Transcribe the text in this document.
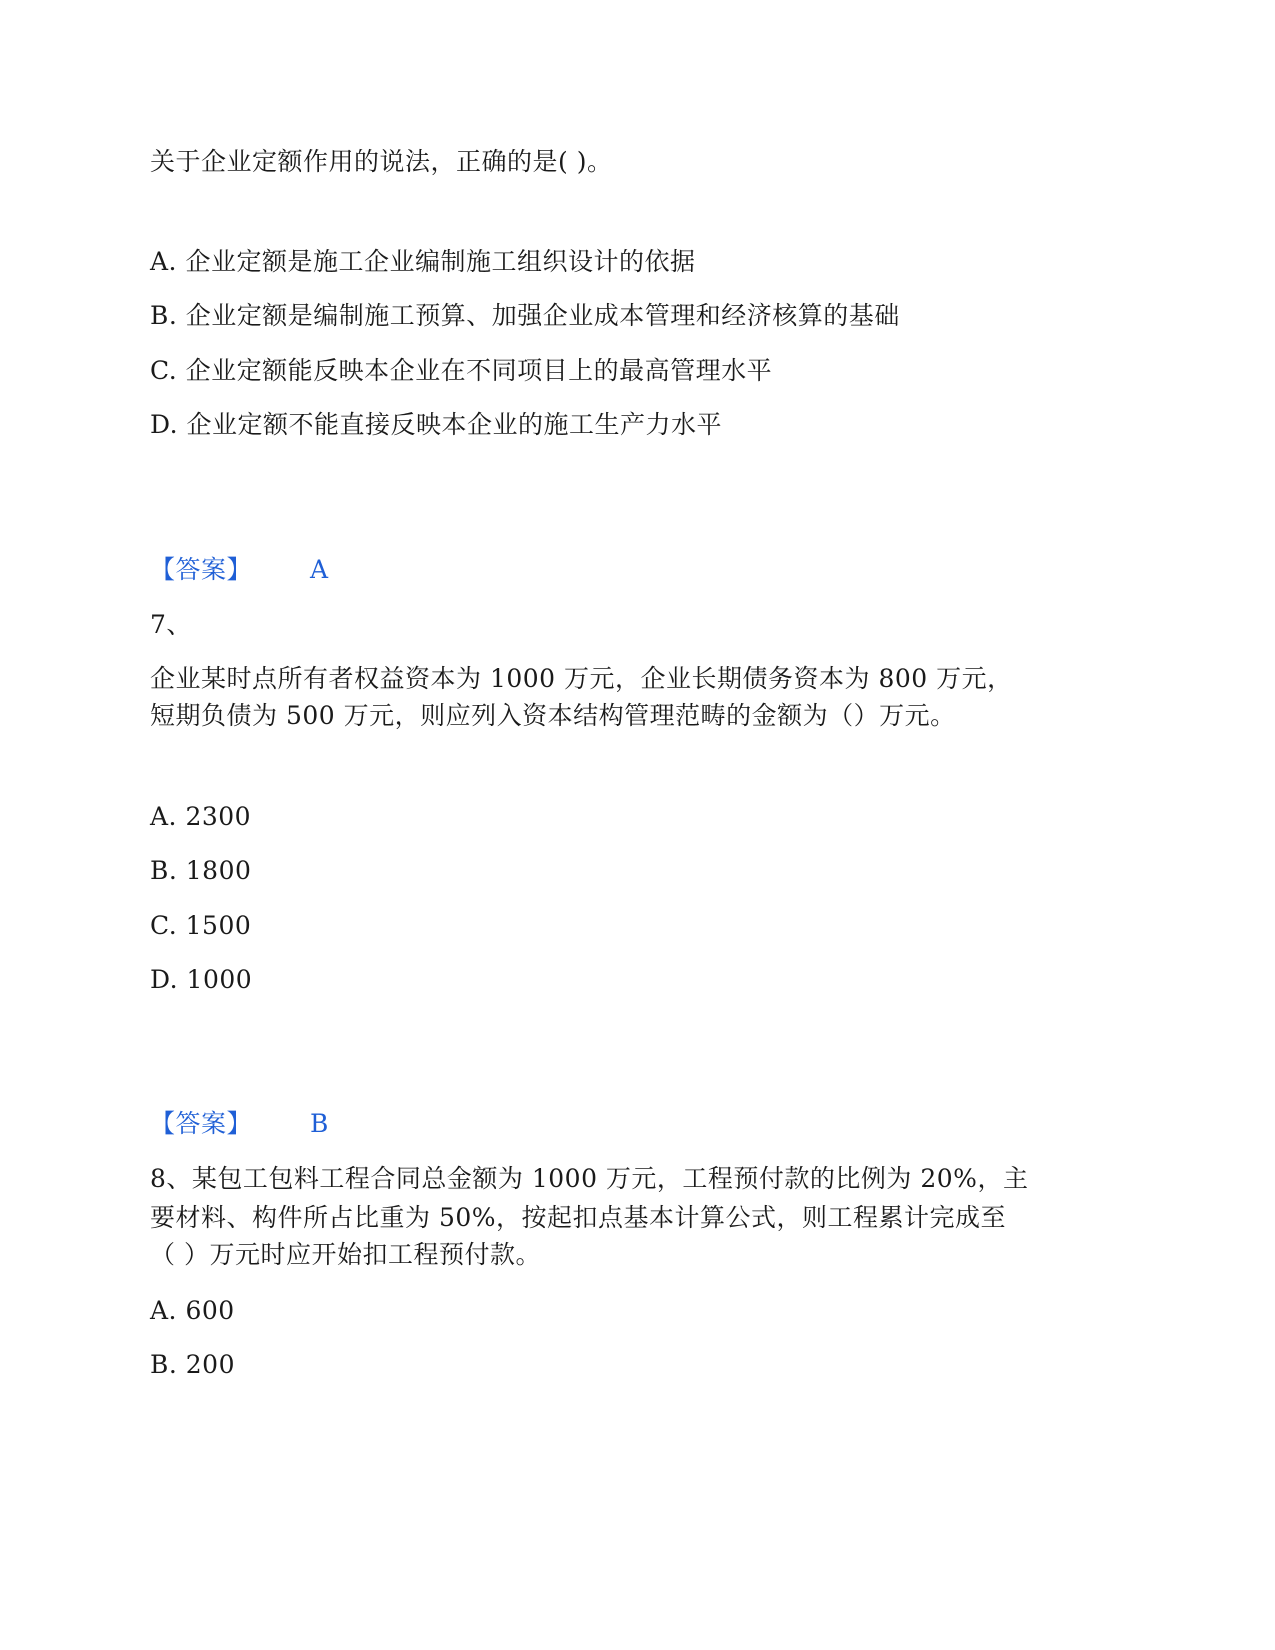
关于企业定额作用的说法，正确的是( )。
A. 企业定额是施工企业编制施工组织设计的依据
B. 企业定额是编制施工预算、加强企业成本管理和经济核算的基础
C. 企业定额能反映本企业在不同项目上的最高管理水平
D. 企业定额不能直接反映本企业的施工生产力水平
【答案】 A
7、
企业某时点所有者权益资本为 1000 万元，企业长期债务资本为 800 万元，
短期负债为 500 万元，则应列入资本结构管理范畴的金额为（）万元。
A. 2300
B. 1800
C. 1500
D. 1000
【答案】 B
8、某包工包料工程合同总金额为 1000 万元，工程预付款的比例为 20%，主
要材料、构件所占比重为 50%，按起扣点基本计算公式，则工程累计完成至
（ ）万元时应开始扣工程预付款。
A. 600
B. 200
